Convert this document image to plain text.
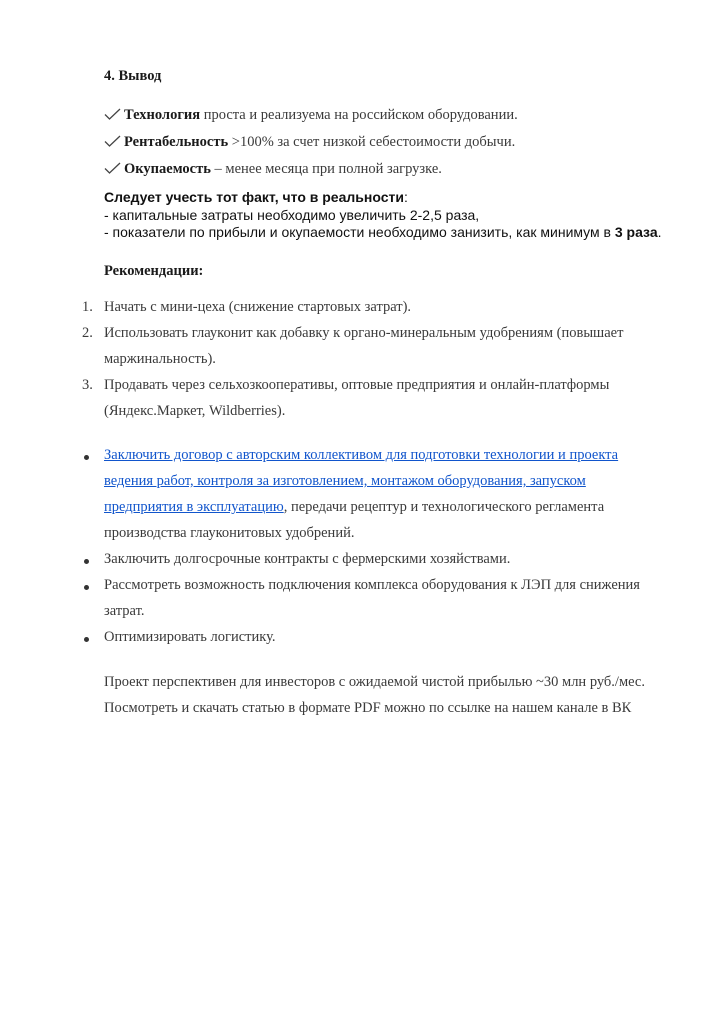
4. Вывод
Технология проста и реализуема на российском оборудовании.
Рентабельность >100% за счет низкой себестоимости добычи.
Окупаемость – менее месяца при полной загрузке.
Следует учесть тот факт, что в реальности:
- капитальные затраты необходимо увеличить 2-2,5 раза,
- показатели по прибыли и окупаемости необходимо занизить, как минимум в 3 раза.
Рекомендации:
1. Начать с мини-цеха (снижение стартовых затрат).
2. Использовать глауконит как добавку к органо-минеральным удобрениям (повышает
маржинальность).
3. Продавать через сельхозкооперативы, оптовые предприятия и онлайн-платформы
(Яндекс.Маркет, Wildberries).
Заключить договор с авторским коллективом для подготовки технологии и проекта
ведения работ, контроля за изготовлением, монтажом оборудования, запуском
предприятия в эксплуатацию, передачи рецептур и технологического регламента
производства глауконитовых удобрений.
Заключить долгосрочные контракты с фермерскими хозяйствами.
Рассмотреть возможность подключения комплекса оборудования к ЛЭП для снижения
затрат.
Оптимизировать логистику.
Проект перспективен для инвесторов с ожидаемой чистой прибылью ~30 млн руб./мес.
Посмотреть и скачать статью в формате PDF можно по ссылке на нашем канале в ВК
